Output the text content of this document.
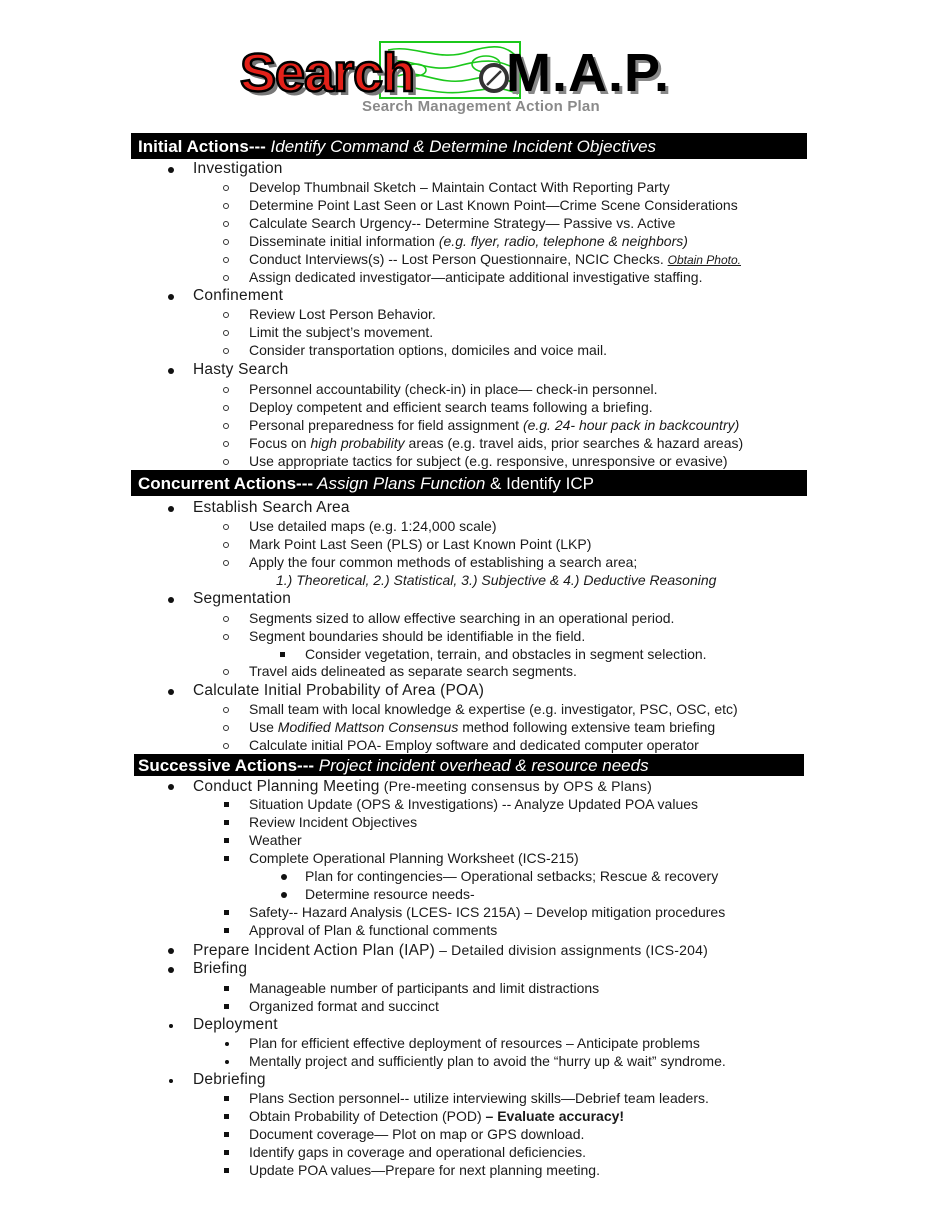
Search M.A.P.
Search Management Action Plan
Initial Actions--- Identify Command & Determine Incident Objectives
Investigation
Develop Thumbnail Sketch – Maintain Contact With Reporting Party
Determine Point Last Seen or Last Known Point—Crime Scene Considerations
Calculate Search Urgency-- Determine Strategy— Passive vs. Active
Disseminate initial information (e.g. flyer, radio, telephone & neighbors)
Conduct Interviews(s) -- Lost Person Questionnaire, NCIC Checks. Obtain Photo.
Assign dedicated investigator—anticipate additional investigative staffing.
Confinement
Review Lost Person Behavior.
Limit the subject’s movement.
Consider transportation options, domiciles and voice mail.
Hasty Search
Personnel accountability (check-in) in place— check-in personnel.
Deploy competent and efficient search teams following a briefing.
Personal preparedness for field assignment (e.g. 24- hour pack in backcountry)
Focus on high probability areas (e.g. travel aids, prior searches & hazard areas)
Use appropriate tactics for subject (e.g. responsive, unresponsive or evasive)
Concurrent Actions--- Assign Plans Function & Identify ICP
Establish Search Area
Use detailed maps (e.g. 1:24,000 scale)
Mark Point Last Seen (PLS) or Last Known Point (LKP)
Apply the four common methods of establishing a search area;
1.) Theoretical, 2.) Statistical, 3.) Subjective & 4.) Deductive Reasoning
Segmentation
Segments sized to allow effective searching in an operational period.
Segment boundaries should be identifiable in the field.
Consider vegetation, terrain, and obstacles in segment selection.
Travel aids delineated as separate search segments.
Calculate Initial Probability of Area (POA)
Small team with local knowledge & expertise (e.g. investigator, PSC, OSC, etc)
Use Modified Mattson Consensus method following extensive team briefing
Calculate initial POA- Employ software and dedicated computer operator
Successive Actions--- Project incident overhead & resource needs
Conduct Planning Meeting (Pre-meeting consensus by OPS & Plans)
Situation Update (OPS & Investigations) -- Analyze Updated POA values
Review Incident Objectives
Weather
Complete Operational Planning Worksheet (ICS-215)
Plan for contingencies— Operational setbacks; Rescue & recovery
Determine resource needs-
Safety-- Hazard Analysis (LCES- ICS 215A) – Develop mitigation procedures
Approval of Plan & functional comments
Prepare Incident Action Plan (IAP) – Detailed division assignments (ICS-204)
Briefing
Manageable number of participants and limit distractions
Organized format and succinct
Deployment
Plan for efficient effective deployment of resources – Anticipate problems
Mentally project and sufficiently plan to avoid the “hurry up & wait” syndrome.
Debriefing
Plans Section personnel-- utilize interviewing skills—Debrief team leaders.
Obtain Probability of Detection (POD) – Evaluate accuracy!
Document coverage— Plot on map or GPS download.
Identify gaps in coverage and operational deficiencies.
Update POA values—Prepare for next planning meeting.
